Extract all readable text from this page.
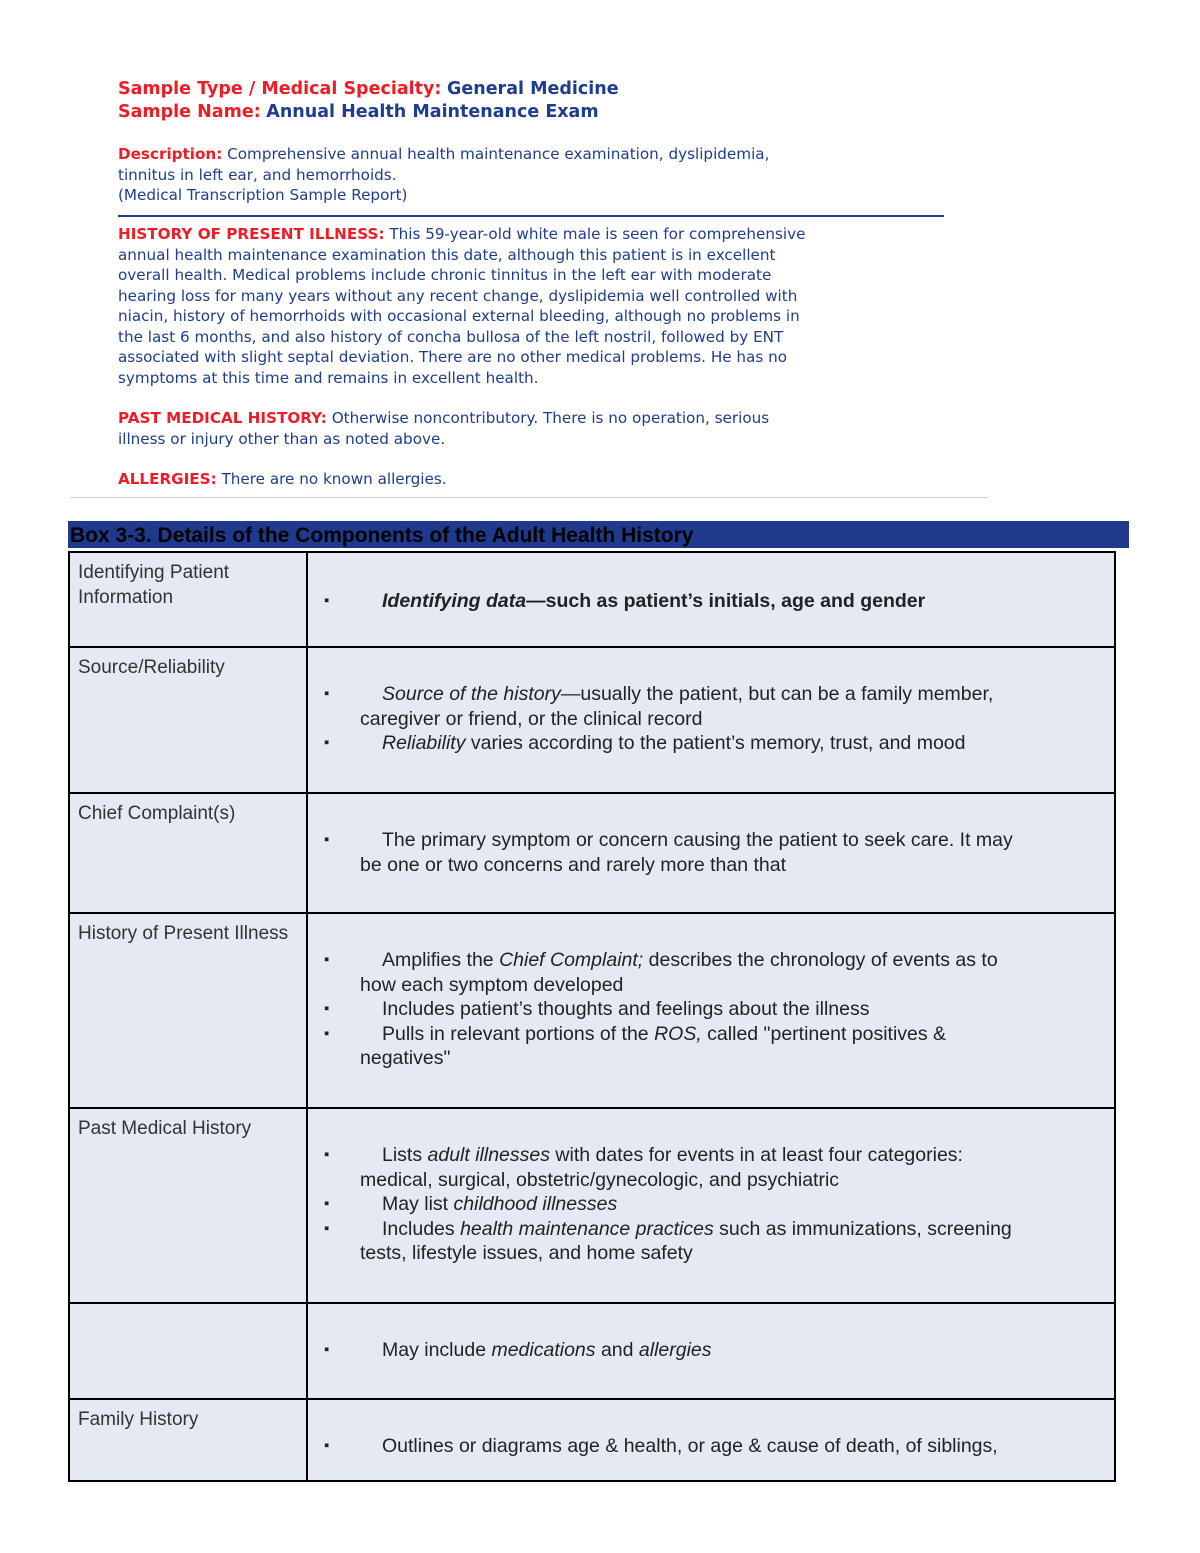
Sample Type / Medical Specialty: General Medicine
Sample Name: Annual Health Maintenance Exam
Description: Comprehensive annual health maintenance examination, dyslipidemia,
tinnitus in left ear, and hemorrhoids.
(Medical Transcription Sample Report)
HISTORY OF PRESENT ILLNESS: This 59-year-old white male is seen for comprehensive
annual health maintenance examination this date, although this patient is in excellent
overall health. Medical problems include chronic tinnitus in the left ear with moderate
hearing loss for many years without any recent change, dyslipidemia well controlled with
niacin, history of hemorrhoids with occasional external bleeding, although no problems in
the last 6 months, and also history of concha bullosa of the left nostril, followed by ENT
associated with slight septal deviation. There are no other medical problems. He has no
symptoms at this time and remains in excellent health.
PAST MEDICAL HISTORY: Otherwise noncontributory. There is no operation, serious
illness or injury other than as noted above.
ALLERGIES: There are no known allergies.
Box 3-3. Details of the Components of the Adult Health History
Identifying Patient Information	▪ Identifying data—such as patient’s initials, age and gender

Source/Reliability	▪ Source of the history—usually the patient, but can be a family member,
caregiver or friend, or the clinical record
▪ Reliability varies according to the patient’s memory, trust, and mood

Chief Complaint(s)	▪ The primary symptom or concern causing the patient to seek care. It may
be one or two concerns and rarely more than that

History of Present Illness	▪ Amplifies the Chief Complaint; describes the chronology of events as to
how each symptom developed
▪ Includes patient’s thoughts and feelings about the illness
▪ Pulls in relevant portions of the ROS, called "pertinent positives &
negatives"

Past Medical History	▪ Lists adult illnesses with dates for events in at least four categories:
medical, surgical, obstetric/gynecologic, and psychiatric
▪ May list childhood illnesses
▪ Includes health maintenance practices such as immunizations, screening
tests, lifestyle issues, and home safety

	▪ May include medications and allergies

Family History	▪ Outlines or diagrams age & health, or age & cause of death, of siblings,
